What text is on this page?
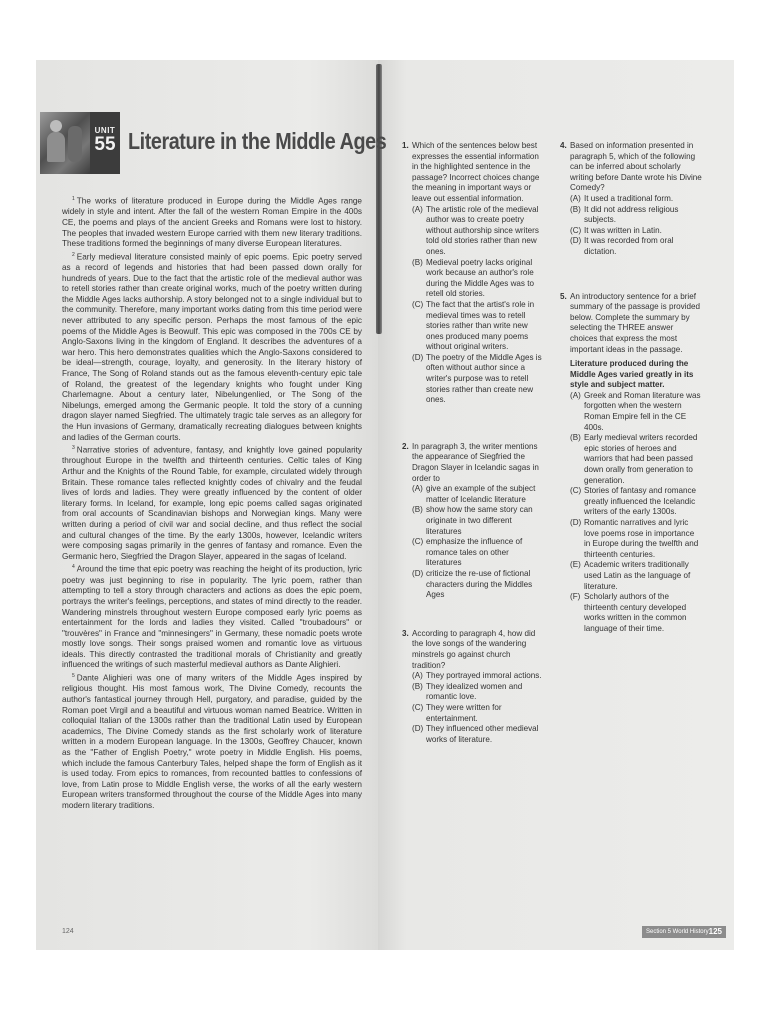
UNIT
55 Literature in the Middle Ages

$^1$ The works of literature produced in Europe during the Middle Ages range widely in style and intent. After the fall of the western Roman Empire in the 400s CE, the poems and plays of the ancient Greeks and Romans were lost to history. The peoples that invaded western Europe carried with them new literary traditions. These traditions formed the beginnings of many diverse European literatures.

$^2$ Early medieval literature consisted mainly of epic poems. Epic poetry served as a record of legends and histories that had been passed down orally for hundreds of years. Due to the fact that the artistic role of the medieval author was to retell stories rather than create original works, much of the poetry written during the Middle Ages lacks authorship. A story belonged not to a single individual but to the community. Therefore, many important works dating from this time period were never attributed to any specific person. Perhaps the most famous of the epic poems of the Middle Ages is Beowulf. This epic was composed in the 700s CE by Anglo-Saxons living in the kingdom of England. It describes the adventures of a war hero. This hero demonstrates qualities which the Anglo-Saxons considered to be ideal—strength, courage, loyalty, and generosity. In the literary history of France, The Song of Roland stands out as the famous eleventh-century epic tale of Roland, the greatest of the legendary knights who fought under King Charlemagne. About a century later, Nibelungenlied, or The Song of the Nibelungs, emerged among the Germanic people. It told the story of a cunning dragon slayer named Siegfried. The ultimately tragic tale serves as an allegory for the Hun invasions of Germany, dramatically recreating dialogues between knights and ladies of the German courts.

$^3$ Narrative stories of adventure, fantasy, and knightly love gained popularity throughout Europe in the twelfth and thirteenth centuries. Celtic tales of King Arthur and the Knights of the Round Table, for example, circulated widely through Britain. These romance tales reflected knightly codes of chivalry and the feudal lives of lords and ladies. They were greatly influenced by the content of older literary forms. In Iceland, for example, long epic poems called sagas originated from oral accounts of Scandinavian bishops and Norwegian kings. Many were written during a period of civil war and social decline, and thus reflect the social and cultural changes of the time. By the early 1300s, however, Icelandic writers were composing sagas primarily in the genres of fantasy and romance. Even the Germanic hero, Siegfried the Dragon Slayer, appeared in the sagas of Iceland.

$^4$ Around the time that epic poetry was reaching the height of its production, lyric poetry was just beginning to rise in popularity. The lyric poem, rather than attempting to tell a story through characters and actions as does the epic poem, portrays the writer's feelings, perceptions, and states of mind directly to the reader. Wandering minstrels throughout western Europe composed early lyric poems as entertainment for the lords and ladies they visited. Called "troubadours" or "trouvères" in France and "minnesingers" in Germany, these nomadic poets wrote mostly love songs. Their songs praised women and romantic love as virtuous ideals. This directly contrasted the traditional morals of Christianity and greatly influenced the writings of such masterful medieval authors as Dante Alighieri.

$^5$ Dante Alighieri was one of many writers of the Middle Ages inspired by religious thought. His most famous work, The Divine Comedy, recounts the author's fantastical journey through Hell, purgatory, and paradise, guided by the Roman poet Virgil and a beautiful and virtuous woman named Beatrice. Written in colloquial Italian of the 1300s rather than the traditional Latin used by European academics, The Divine Comedy stands as the first scholarly work of literature written in a modern European language. In the 1300s, Geoffrey Chaucer, known as the "Father of English Poetry," wrote poetry in Middle English. His poems, which include the famous Canterbury Tales, helped shape the form of English as it is used today. From epics to romances, from recounted battles to confessions of love, from Latin prose to Middle English verse, the works of all the early western European writers transformed throughout the course of the Middle Ages into many modern literary traditions.

124
1. Which of the sentences below best expresses the essential information in the highlighted sentence in the passage? Incorrect choices change the meaning in important ways or leave out essential information.
(A) The artistic role of the medieval author was to create poetry without authorship since writers told old stories rather than new ones.
(B) Medieval poetry lacks original work because an author's role during the Middle Ages was to retell old stories.
(C) The fact that the artist's role in medieval times was to retell stories rather than write new ones produced many poems without original writers.
(D) The poetry of the Middle Ages is often without author since a writer's purpose was to retell stories rather than create new ones.
2. In paragraph 3, the writer mentions the appearance of Siegfried the Dragon Slayer in Icelandic sagas in order to
(A) give an example of the subject matter of Icelandic literature
(B) show how the same story can originate in two different literatures
(C) emphasize the influence of romance tales on other literatures
(D) criticize the re-use of fictional characters during the Middles Ages
3. According to paragraph 4, how did the love songs of the wandering minstrels go against church tradition?
(A) They portrayed immoral actions.
(B) They idealized women and romantic love.
(C) They were written for entertainment.
(D) They influenced other medieval works of literature.
4. Based on information presented in paragraph 5, which of the following can be inferred about scholarly writing before Dante wrote his Divine Comedy?
(A) It used a traditional form.
(B) It did not address religious subjects.
(C) It was written in Latin.
(D) It was recorded from oral dictation.
5. An introductory sentence for a brief summary of the passage is provided below. Complete the summary by selecting the THREE answer choices that express the most important ideas in the passage.
Literature produced during the Middle Ages varied greatly in its style and subject matter.
(A) Greek and Roman literature was forgotten when the western Roman Empire fell in the CE 400s.
(B) Early medieval writers recorded epic stories of heroes and warriors that had been passed down orally from generation to generation.
(C) Stories of fantasy and romance greatly influenced the Icelandic writers of the early 1300s.
(D) Romantic narratives and lyric love poems rose in importance in Europe during the twelfth and thirteenth centuries.
(E) Academic writers traditionally used Latin as the language of literature.
(F) Scholarly authors of the thirteenth century developed works written in the common language of their time.
Section 5 World History 125
